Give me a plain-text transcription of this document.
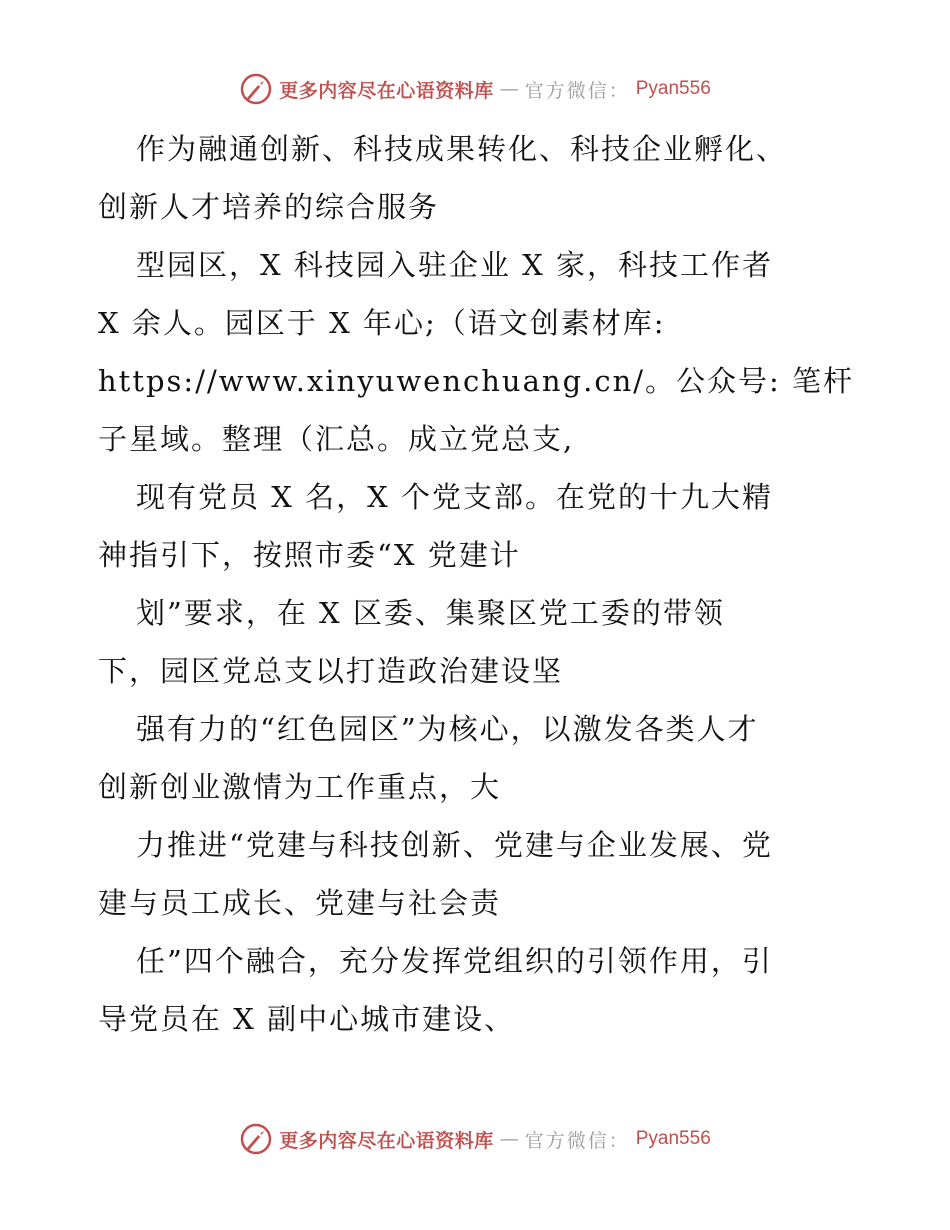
更多内容尽在心语资料库 — 官方微信： Pyan556
作为融通创新、科技成果转化、科技企业孵化、
创新人才培养的综合服务
型园区，X 科技园入驻企业 X 家，科技工作者
X 余人。园区于 X 年心;（语文创素材库:
https://www.xinyuwenchuang.cn/。公众号: 笔杆
子星域。整理（汇总。成立党总支,
现有党员 X 名，X 个党支部。在党的十九大精
神指引下，按照市委“X 党建计
划”要求，在 X 区委、集聚区党工委的带领
下，园区党总支以打造政治建设坚
强有力的“红色园区”为核心，以激发各类人才
创新创业激情为工作重点，大
力推进“党建与科技创新、党建与企业发展、党
建与员工成长、党建与社会责
任”四个融合，充分发挥党组织的引领作用，引
导党员在 X 副中心城市建设、
更多内容尽在心语资料库 — 官方微信： Pyan556
